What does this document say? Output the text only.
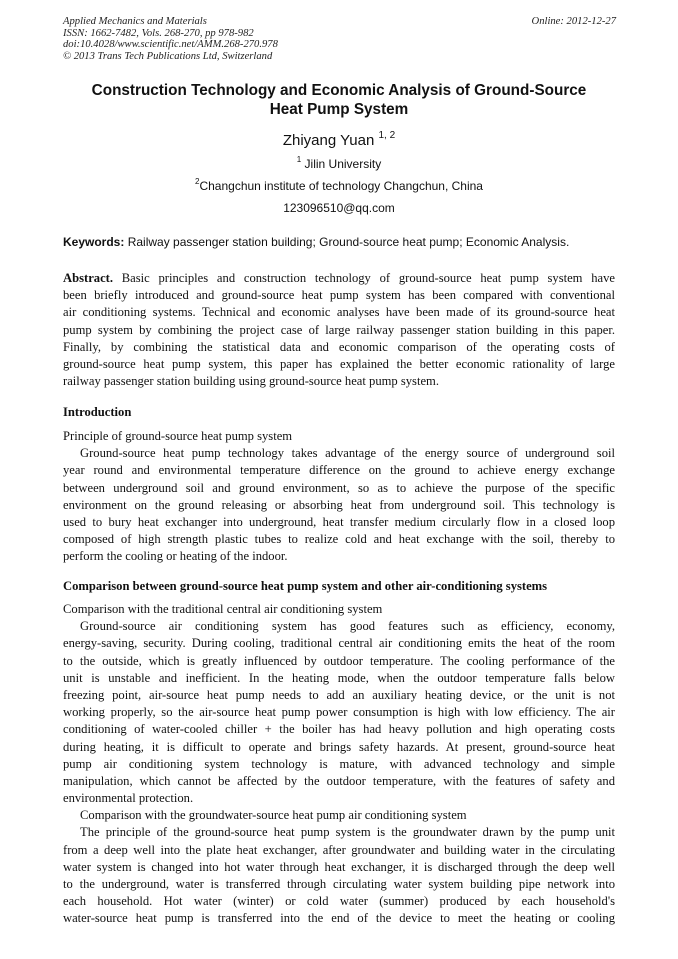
Applied Mechanics and Materials
ISSN: 1662-7482, Vols. 268-270, pp 978-982
doi:10.4028/www.scientific.net/AMM.268-270.978
© 2013 Trans Tech Publications Ltd, Switzerland
Online: 2012-12-27
Construction Technology and Economic Analysis of Ground-Source
Heat Pump System
Zhiyang Yuan $^{1, 2}$
$^1$ Jilin University
$^2$Changchun institute of technology Changchun, China
123096510@qq.com
Keywords: Railway passenger station building; Ground-source heat pump; Economic Analysis.
Abstract. Basic principles and construction technology of ground-source heat pump system have
been briefly introduced and ground-source heat pump system has been compared with conventional
air conditioning systems. Technical and economic analyses have been made of its ground-source heat
pump system by combining the project case of large railway passenger station building in this paper.
Finally, by combining the statistical data and economic comparison of the operating costs of
ground-source heat pump system, this paper has explained the better economic rationality of large
railway passenger station building using ground-source heat pump system.
Introduction
Principle of ground-source heat pump system
Ground-source heat pump technology takes advantage of the energy source of underground soil
year round and environmental temperature difference on the ground to achieve energy exchange
between underground soil and ground environment, so as to achieve the purpose of the specific
environment on the ground releasing or absorbing heat from underground soil. This technology is
used to bury heat exchanger into underground, heat transfer medium circularly flow in a closed loop
composed of high strength plastic tubes to realize cold and heat exchange with the soil, thereby to
perform the cooling or heating of the indoor.
Comparison between ground-source heat pump system and other air-conditioning systems
Comparison with the traditional central air conditioning system
Ground-source air conditioning system has good features such as efficiency, economy,
energy-saving, security. During cooling, traditional central air conditioning emits the heat of the room
to the outside, which is greatly influenced by outdoor temperature. The cooling performance of the
unit is unstable and inefficient. In the heating mode, when the outdoor temperature falls below
freezing point, air-source heat pump needs to add an auxiliary heating device, or the unit is not
working properly, so the air-source heat pump power consumption is high with low efficiency. The air
conditioning of water-cooled chiller + the boiler has had heavy pollution and high operating costs
during heating, it is difficult to operate and brings safety hazards. At present, ground-source heat
pump air conditioning system technology is mature, with advanced technology and simple
manipulation, which cannot be affected by the outdoor temperature, with the features of safety and
environmental protection.
Comparison with the groundwater-source heat pump air conditioning system
The principle of the ground-source heat pump system is the groundwater drawn by the pump unit
from a deep well into the plate heat exchanger, after groundwater and building water in the circulating
water system is changed into hot water through heat exchanger, it is discharged through the deep well
to the underground, water is transferred through circulating water system building pipe network into
each household. Hot water (winter) or cold water (summer) produced by each household's
water-source heat pump is transferred into the end of the device to meet the heating or cooling
